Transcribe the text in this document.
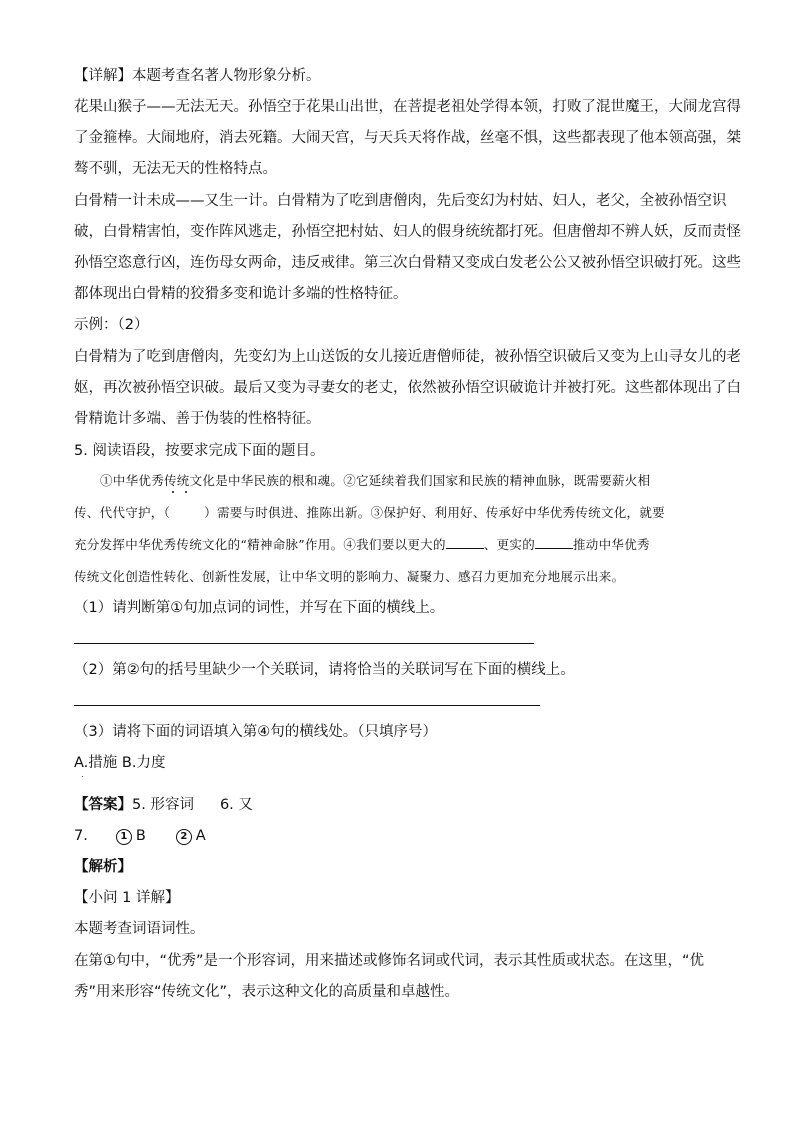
【详解】本题考查名著人物形象分析。
花果山猴子——无法无天。孙悟空于花果山出世，在菩提老祖处学得本领，打败了混世魔王，大闹龙宫得
了金箍棒。大闹地府，消去死籍。大闹天宫，与天兵天将作战，丝毫不惧，这些都表现了他本领高强，桀
骜不驯，无法无天的性格特点。
白骨精一计未成——又生一计。白骨精为了吃到唐僧肉，先后变幻为村姑、妇人，老父，全被孙悟空识
破，白骨精害怕，变作阵风逃走，孙悟空把村姑、妇人的假身统统都打死。但唐僧却不辨人妖，反而责怪
孙悟空恣意行凶，连伤母女两命，违反戒律。第三次白骨精又变成白发老公公又被孙悟空识破打死。这些
都体现出白骨精的狡猾多变和诡计多端的性格特征。
示例：（2）
白骨精为了吃到唐僧肉，先变幻为上山送饭的女儿接近唐僧师徒，被孙悟空识破后又变为上山寻女儿的老
妪，再次被孙悟空识破。最后又变为寻妻女的老丈，依然被孙悟空识破诡计并被打死。这些都体现出了白
骨精诡计多端、善于伪装的性格特征。
5. 阅读语段，按要求完成下面的题目。
①中华优秀传统文化是中华民族的根和魂。②它延续着我们国家和民族的精神血脉，既需要薪火相
传、代代守护，（	）需要与时俱进、推陈出新。③保护好、利用好、传承好中华优秀传统文化，就要
充分发挥中华优秀传统文化的“精神命脉”作用。④我们要以更大的	、更实的	推动中华优秀
传统文化创造性转化、创新性发展，让中华文明的影响力、凝聚力、感召力更加充分地展示出来。
（1）请判断第①句加点词的词性，并写在下面的横线上。
（2）第②句的括号里缺少一个关联词，请将恰当的关联词写在下面的横线上。
（3）请将下面的词语填入第④句的横线处。（只填序号）
A.措施 B.力度
【答案】5. 形容词 6. 又
7.	1 B	2 A
【解析】
【小问 1 详解】
本题考查词语词性。
在第①句中，“优秀”是一个形容词，用来描述或修饰名词或代词，表示其性质或状态。在这里，“优
秀”用来形容“传统文化”，表示这种文化的高质量和卓越性。
